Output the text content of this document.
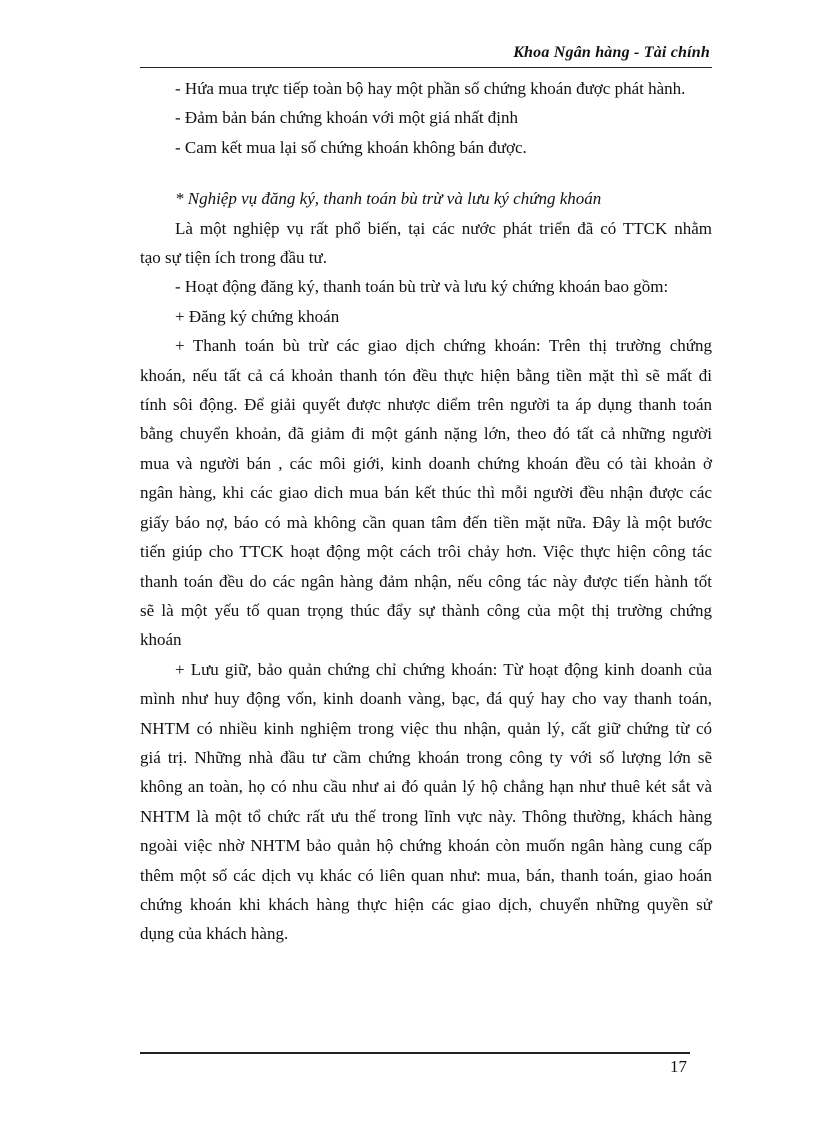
Khoa Ngân hàng - Tài chính
- Hứa mua trực tiếp toàn bộ hay một phần số chứng khoán được phát hành.
- Đảm bản bán chứng khoán với một giá nhất định
- Cam kết mua lại số chứng khoán không bán được.
* Nghiệp vụ đăng ký, thanh toán bù trừ và lưu ký chứng khoán
Là một nghiệp vụ rất phổ biến, tại các nước phát triển đã có TTCK nhằm
tạo sự tiện ích trong đầu tư.
- Hoạt động đăng ký, thanh toán bù trừ và lưu ký chứng khoán bao gồm:
+ Đăng ký chứng khoán
+ Thanh toán bù trừ các giao dịch chứng khoán: Trên thị trường chứng
khoán, nếu tất cả cá khoản thanh tón đều thực hiện bằng tiền mặt thì sẽ mất đi
tính sôi động. Để giải quyết được nhược diểm trên người ta áp dụng thanh toán
bằng chuyển khoản, đã giảm đi một gánh nặng lớn, theo đó tất cả những người
mua và người bán , các môi giới, kinh doanh chứng khoán đều có tài khoản ở
ngân hàng, khi các giao dich mua bán kết thúc thì mỗi người đều nhận được các
giấy báo nợ, báo có mà không cần quan tâm đến tiền mặt nữa. Đây là một bước
tiến giúp cho TTCK hoạt động một cách trôi chảy hơn. Việc thực hiện công tác
thanh toán đều do các ngân hàng đảm nhận, nếu công tác này được tiến hành tốt
sẽ là một yếu tố quan trọng thúc đẩy sự thành công của một thị trường chứng
khoán
+ Lưu giữ, bảo quản chứng chỉ chứng khoán: Từ hoạt động kinh doanh của
mình như huy động vốn, kinh doanh vàng, bạc, đá quý hay cho vay thanh toán,
NHTM có nhiều kinh nghiệm trong việc thu nhận, quản lý, cất giữ chứng từ có
giá trị. Những nhà đầu tư cầm chứng khoán trong công ty với số lượng lớn sẽ
không an toàn, họ có nhu cầu như ai đó quản lý hộ chẳng hạn như thuê két sắt và
NHTM là một tổ chức rất ưu thế trong lĩnh vực này. Thông thường, khách hàng
ngoài việc nhờ NHTM bảo quản hộ chứng khoán còn muốn ngân hàng cung cấp
thêm một số các dịch vụ khác có liên quan như: mua, bán, thanh toán, giao hoán
chứng khoán khi khách hàng thực hiện các giao dịch, chuyển những quyền sử
dụng của khách hàng.
17
